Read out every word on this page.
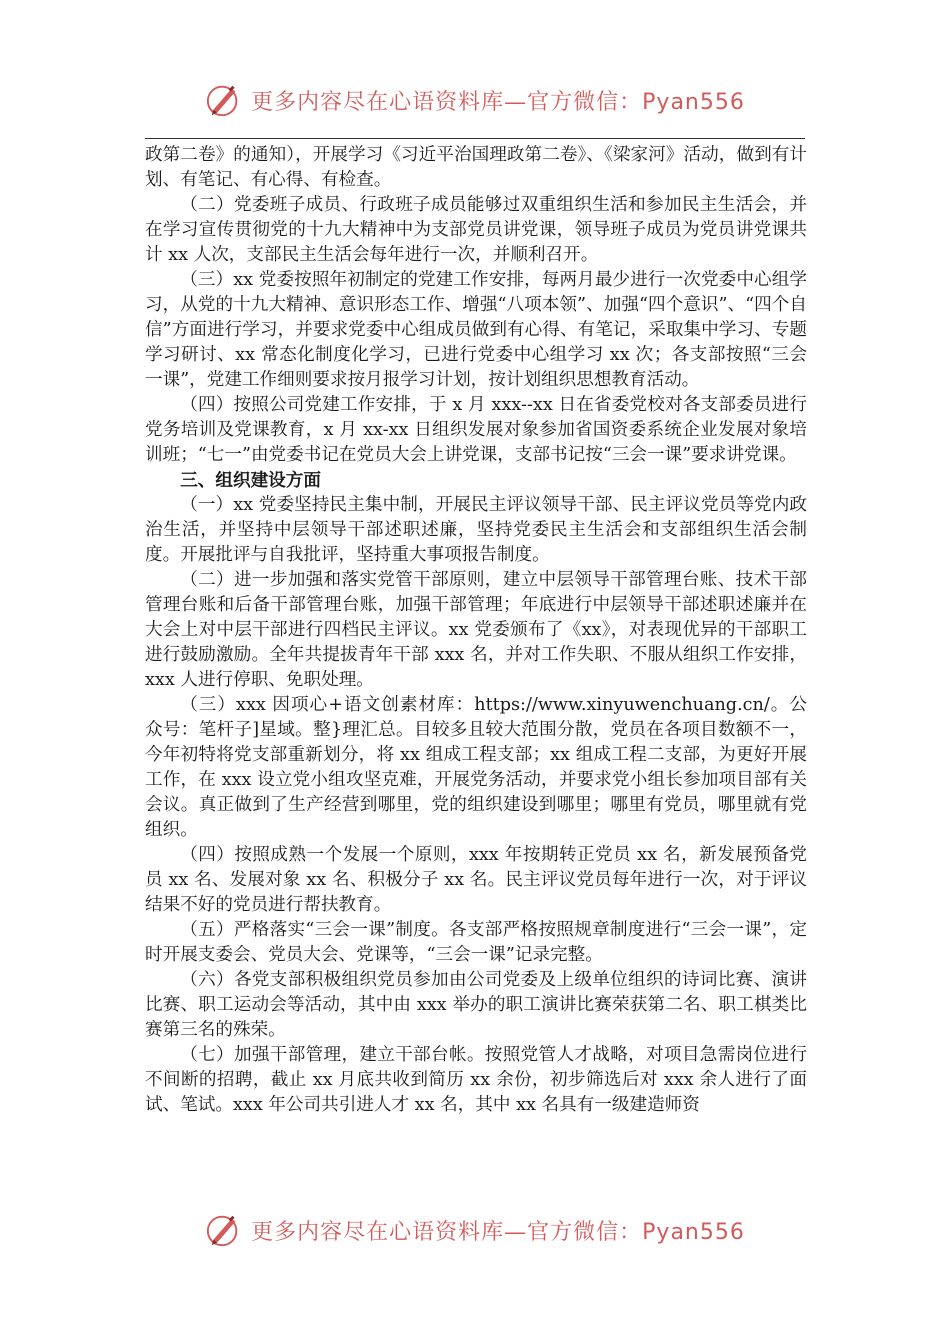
更多内容尽在心语资料库—官方微信：Pyan556

政第二卷》的通知），开展学习《习近平治国理政第二卷》、《梁家河》活动，做到有计划、有笔记、有心得、有检查。

（二）党委班子成员、行政班子成员能够过双重组织生活和参加民主生活会，并在学习宣传贯彻党的十九大精神中为支部党员讲党课，领导班子成员为党员讲党课共计 xx 人次，支部民主生活会每年进行一次，并顺利召开。

（三）xx 党委按照年初制定的党建工作安排，每两月最少进行一次党委中心组学习，从党的十九大精神、意识形态工作、增强“八项本领”、加强“四个意识”、“四个自信”方面进行学习，并要求党委中心组成员做到有心得、有笔记，采取集中学习、专题学习研讨、xx 常态化制度化学习，已进行党委中心组学习 xx 次；各支部按照“三会一课”，党建工作细则要求按月报学习计划，按计划组织思想教育活动。

（四）按照公司党建工作安排，于 x 月 xxx--xx 日在省委党校对各支部委员进行党务培训及党课教育，x 月 xx-xx 日组织发展对象参加省国资委系统企业发展对象培训班；“七一”由党委书记在党员大会上讲党课，支部书记按“三会一课”要求讲党课。

三、组织建设方面

（一）xx 党委坚持民主集中制，开展民主评议领导干部、民主评议党员等党内政治生活，并坚持中层领导干部述职述廉，坚持党委民主生活会和支部组织生活会制度。开展批评与自我批评，坚持重大事项报告制度。

（二）进一步加强和落实党管干部原则，建立中层领导干部管理台账、技术干部管理台账和后备干部管理台账，加强干部管理；年底进行中层领导干部述职述廉并在大会上对中层干部进行四档民主评议。xx 党委颁布了《xx》，对表现优异的干部职工进行鼓励激励。全年共提拔青年干部 xxx 名，并对工作失职、不服从组织工作安排，xxx 人进行停职、免职处理。

（三）xxx 因项心+语文创素材库：https://www.xinyuwenchuang.cn/。公众号：笔杆子]星域。整}理汇总。目较多且较大范围分散，党员在各项目数额不一，今年初特将党支部重新划分，将 xx 组成工程支部；xx 组成工程二支部，为更好开展工作，在 xxx 设立党小组攻坚克难，开展党务活动，并要求党小组长参加项目部有关会议。真正做到了生产经营到哪里，党的组织建设到哪里；哪里有党员，哪里就有党组织。

（四）按照成熟一个发展一个原则，xxx 年按期转正党员 xx 名，新发展预备党员 xx 名、发展对象 xx 名、积极分子 xx 名。民主评议党员每年进行一次，对于评议结果不好的党员进行帮扶教育。

（五）严格落实“三会一课”制度。各支部严格按照规章制度进行“三会一课”，定时开展支委会、党员大会、党课等，“三会一课”记录完整。

（六）各党支部积极组织党员参加由公司党委及上级单位组织的诗词比赛、演讲比赛、职工运动会等活动，其中由 xxx 举办的职工演讲比赛荣获第二名、职工棋类比赛第三名的殊荣。

（七）加强干部管理，建立干部台帐。按照党管人才战略，对项目急需岗位进行不间断的招聘，截止 xx 月底共收到简历 xx 余份，初步筛选后对 xxx 余人进行了面试、笔试。xxx 年公司共引进人才 xx 名，其中 xx 名具有一级建造师资

更多内容尽在心语资料库—官方微信：Pyan556
